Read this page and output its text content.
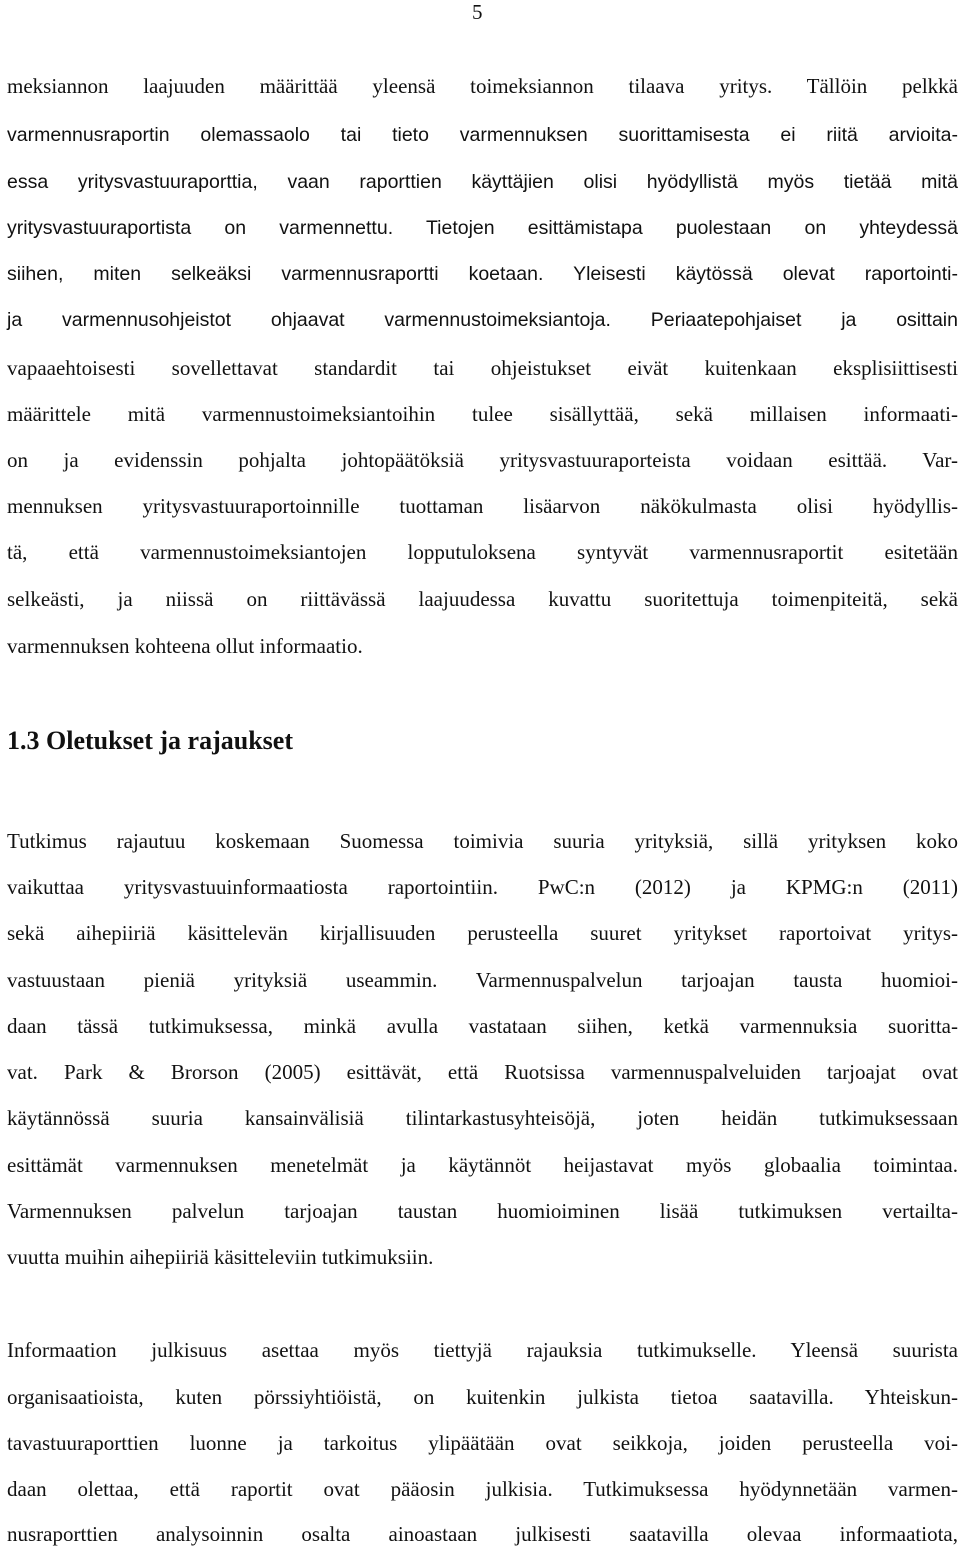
5
meksiannon laajuuden määrittää yleensä toimeksiannon tilaava yritys. Tällöin pelkkä
varmennusraportin olemassaolo tai tieto varmennuksen suorittamisesta ei riitä arvioita-
essa yritysvastuuraporttia, vaan raporttien käyttäjien olisi hyödyllistä myös tietää mitä
yritysvastuuraportista on varmennettu. Tietojen esittämistapa puolestaan on yhteydessä
siihen, miten selkeäksi varmennusraportti koetaan. Yleisesti käytössä olevat raportointi-
ja varmennusohjeistot ohjaavat varmennustoimeksiantoja. Periaatepohjaiset ja osittain
vapaaehtoisesti sovellettavat standardit tai ohjeistukset eivät kuitenkaan eksplisiittisesti
määrittele mitä varmennustoimeksiantoihin tulee sisällyttää, sekä millaisen informaati-
on ja evidenssin pohjalta johtopäätöksiä yritysvastuuraporteista voidaan esittää. Var-
mennuksen yritysvastuuraportoinnille tuottaman lisäarvon näkökulmasta olisi hyödyllis-
tä, että varmennustoimeksiantojen lopputuloksena syntyvät varmennusraportit esitetään
selkeästi, ja niissä on riittävässä laajuudessa kuvattu suoritettuja toimenpiteitä, sekä
varmennuksen kohteena ollut informaatio.
1.3 Oletukset ja rajaukset
Tutkimus rajautuu koskemaan Suomessa toimivia suuria yrityksiä, sillä yrityksen koko
vaikuttaa yritysvastuuinformaatiosta raportointiin. PwC:n (2012) ja KPMG:n (2011)
sekä aihepiiriä käsittelevän kirjallisuuden perusteella suuret yritykset raportoivat yritys-
vastuustaan pieniä yrityksiä useammin. Varmennuspalvelun tarjoajan tausta huomioi-
daan tässä tutkimuksessa, minkä avulla vastataan siihen, ketkä varmennuksia suoritta-
vat. Park & Brorson (2005) esittävät, että Ruotsissa varmennuspalveluiden tarjoajat ovat
käytännössä suuria kansainvälisiä tilintarkastusyhteisöjä, joten heidän tutkimuksessaan
esittämät varmennuksen menetelmät ja käytännöt heijastavat myös globaalia toimintaa.
Varmennuksen palvelun tarjoajan taustan huomioiminen lisää tutkimuksen vertailta-
vuutta muihin aihepiiriä käsitteleviin tutkimuksiin.
Informaation julkisuus asettaa myös tiettyjä rajauksia tutkimukselle. Yleensä suurista
organisaatioista, kuten pörssiyhtiöistä, on kuitenkin julkista tietoa saatavilla. Yhteiskun-
tavastuuraporttien luonne ja tarkoitus ylipäätään ovat seikkoja, joiden perusteella voi-
daan olettaa, että raportit ovat pääosin julkisia. Tutkimuksessa hyödynnetään varmen-
nusraporttien analysoinnin osalta ainoastaan julkisesti saatavilla olevaa informaatiota,
